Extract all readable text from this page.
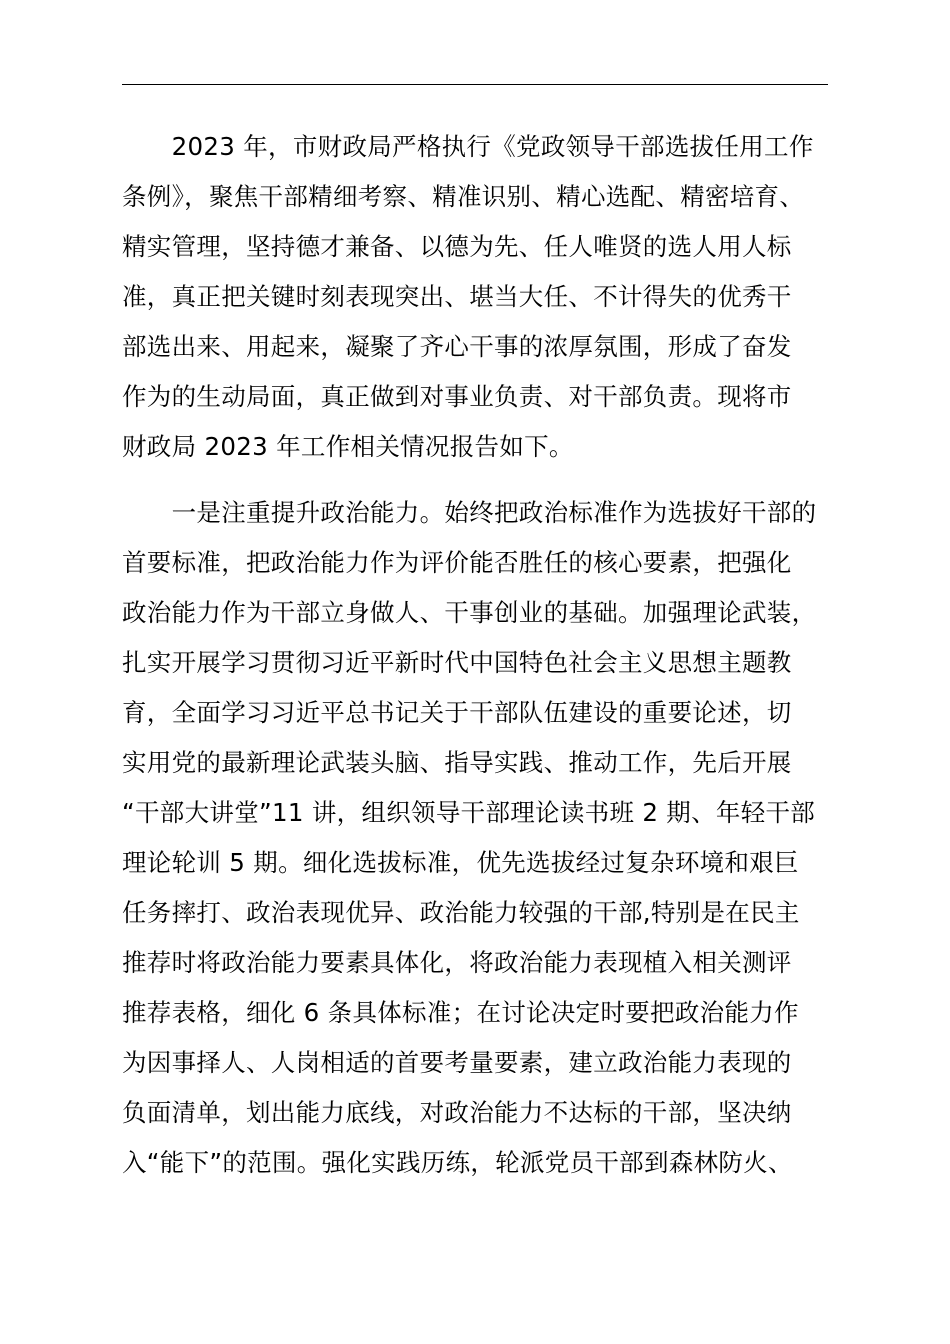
　　2023 年，市财政局严格执行《党政领导干部选拔任用工作
条例》，聚焦干部精细考察、精准识别、精心选配、精密培育、
精实管理，坚持德才兼备、以德为先、任人唯贤的选人用人标
准，真正把关键时刻表现突出、堪当大任、不计得失的优秀干
部选出来、用起来，凝聚了齐心干事的浓厚氛围，形成了奋发
作为的生动局面，真正做到对事业负责、对干部负责。现将市
财政局 2023 年工作相关情况报告如下。
　　一是注重提升政治能力。始终把政治标准作为选拔好干部的
首要标准，把政治能力作为评价能否胜任的核心要素，把强化
政治能力作为干部立身做人、干事创业的基础。加强理论武装，
扎实开展学习贯彻习近平新时代中国特色社会主义思想主题教
育，全面学习习近平总书记关于干部队伍建设的重要论述，切
实用党的最新理论武装头脑、指导实践、推动工作，先后开展
“干部大讲堂”11 讲，组织领导干部理论读书班 2 期、年轻干部
理论轮训 5 期。细化选拔标准，优先选拔经过复杂环境和艰巨
任务摔打、政治表现优异、政治能力较强的干部,特别是在民主
推荐时将政治能力要素具体化，将政治能力表现植入相关测评
推荐表格，细化 6 条具体标准；在讨论决定时要把政治能力作
为因事择人、人岗相适的首要考量要素，建立政治能力表现的
负面清单，划出能力底线，对政治能力不达标的干部，坚决纳
入“能下”的范围。强化实践历练，轮派党员干部到森林防火、
